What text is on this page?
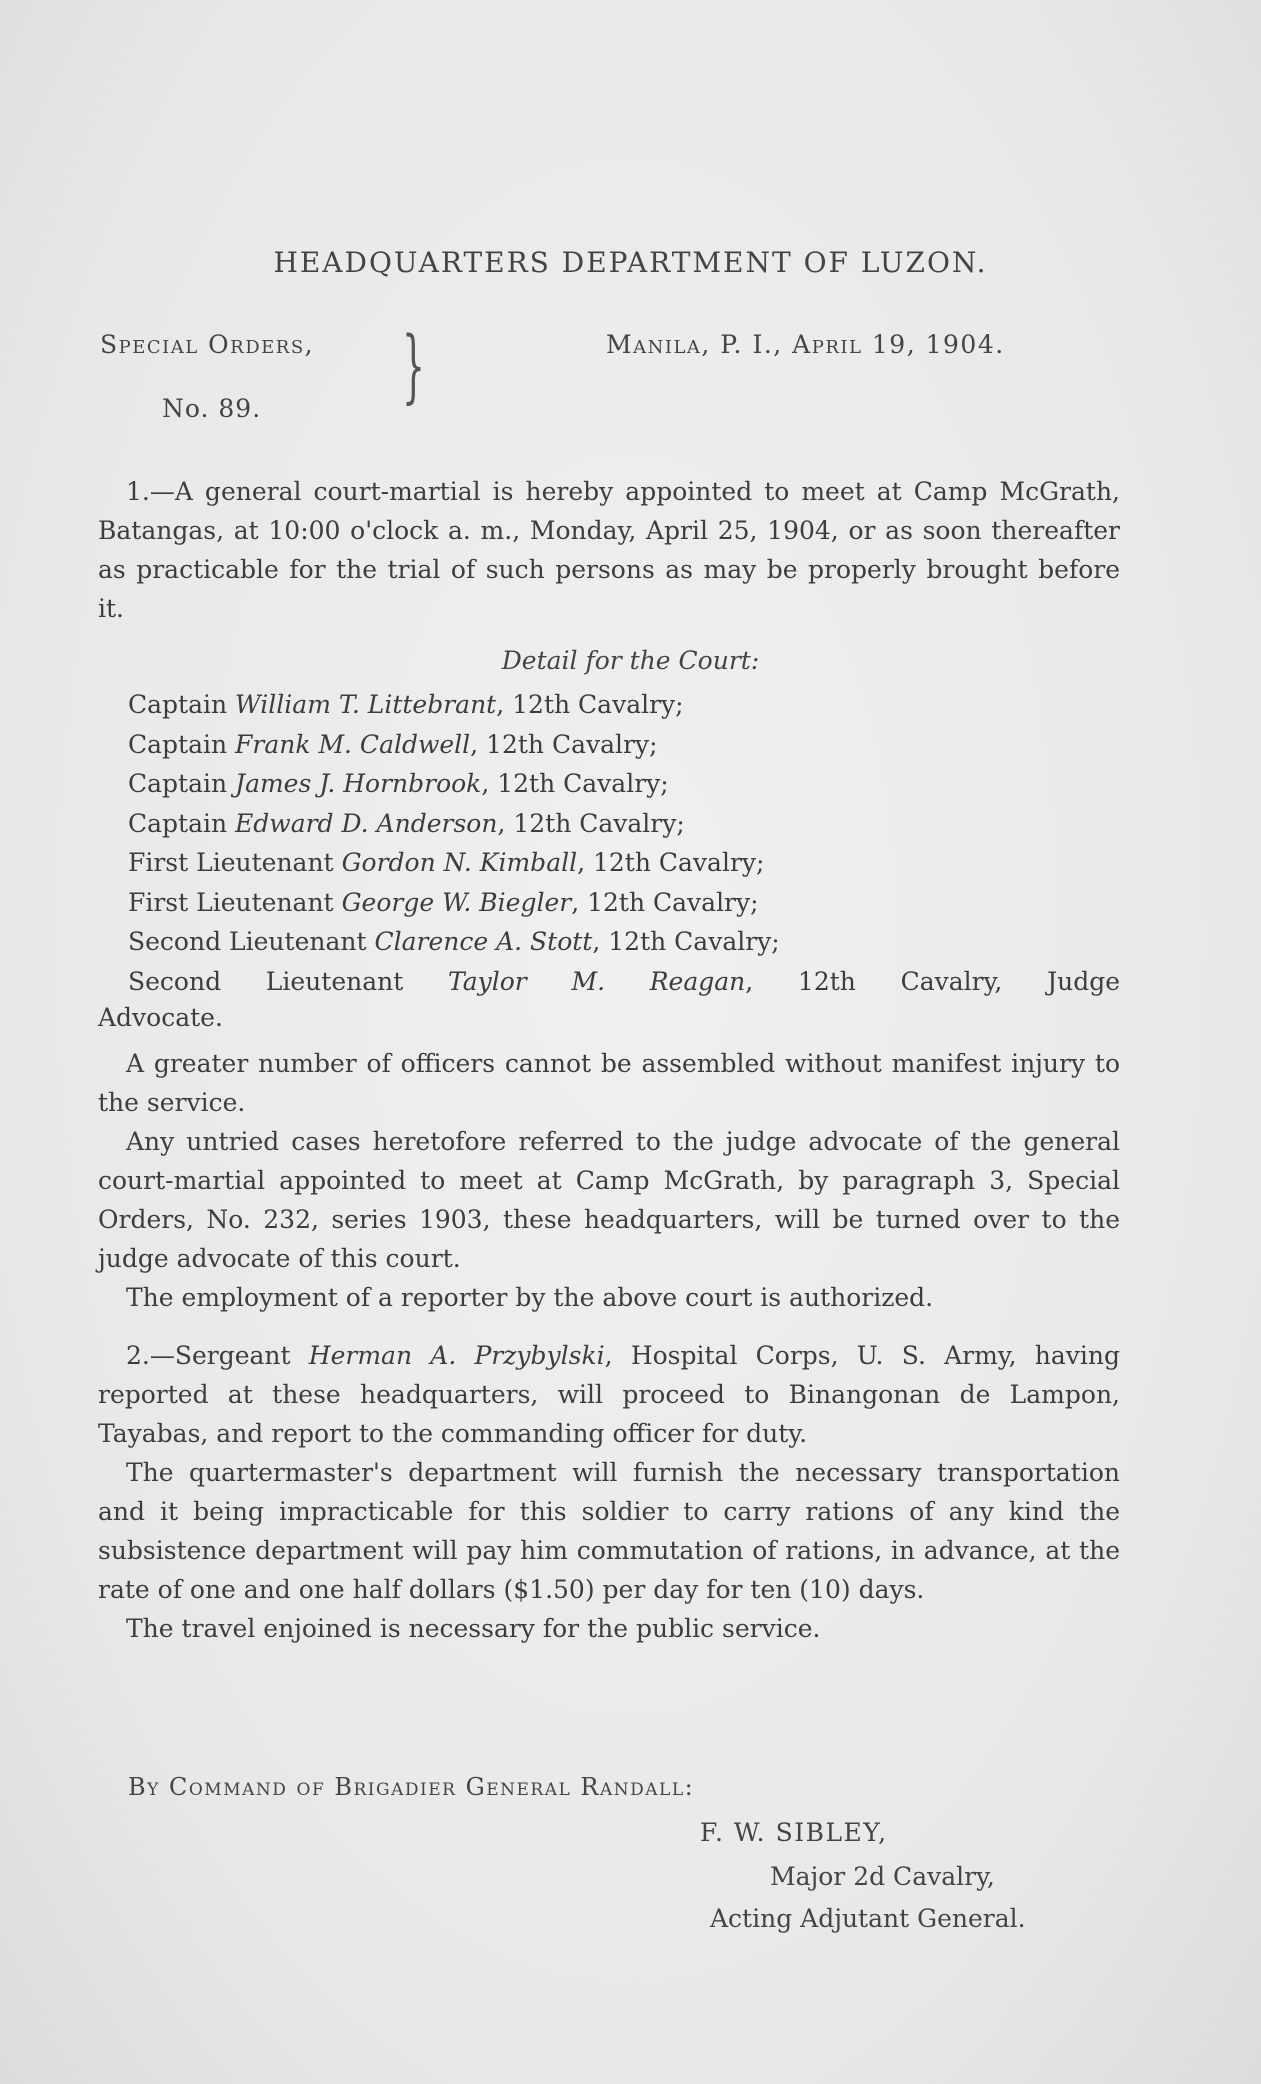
HEADQUARTERS DEPARTMENT OF LUZON.
Special Orders,
No. 89. }	Manila, P. I., April 19, 1904.

1.—A general court-martial is hereby appointed to meet at Camp McGrath, Batangas, at 10:00 o'clock a. m., Monday, April 25, 1904, or as soon thereafter as practicable for the trial of such persons as may be properly brought before it.

Detail for the Court:
Captain William T. Littebrant, 12th Cavalry;
Captain Frank M. Caldwell, 12th Cavalry;
Captain James J. Hornbrook, 12th Cavalry;
Captain Edward D. Anderson, 12th Cavalry;
First Lieutenant Gordon N. Kimball, 12th Cavalry;
First Lieutenant George W. Biegler, 12th Cavalry;
Second Lieutenant Clarence A. Stott, 12th Cavalry;
Second Lieutenant Taylor M. Reagan, 12th Cavalry, Judge
Advocate.

A greater number of officers cannot be assembled without manifest injury to the service.

Any untried cases heretofore referred to the judge advocate of the general court-martial appointed to meet at Camp McGrath, by paragraph 3, Special Orders, No. 232, series 1903, these headquarters, will be turned over to the judge advocate of this court.

The employment of a reporter by the above court is authorized.

2.—Sergeant Herman A. Przybylski, Hospital Corps, U. S. Army, having reported at these headquarters, will proceed to Binangonan de Lampon, Tayabas, and report to the commanding officer for duty.

The quartermaster's department will furnish the necessary transportation and it being impracticable for this soldier to carry rations of any kind the subsistence department will pay him commutation of rations, in advance, at the rate of one and one half dollars ($1.50) per day for ten (10) days.

The travel enjoined is necessary for the public service.

By Command of Brigadier General Randall:
F. W. SIBLEY,
Major 2d Cavalry,
Acting Adjutant General.
